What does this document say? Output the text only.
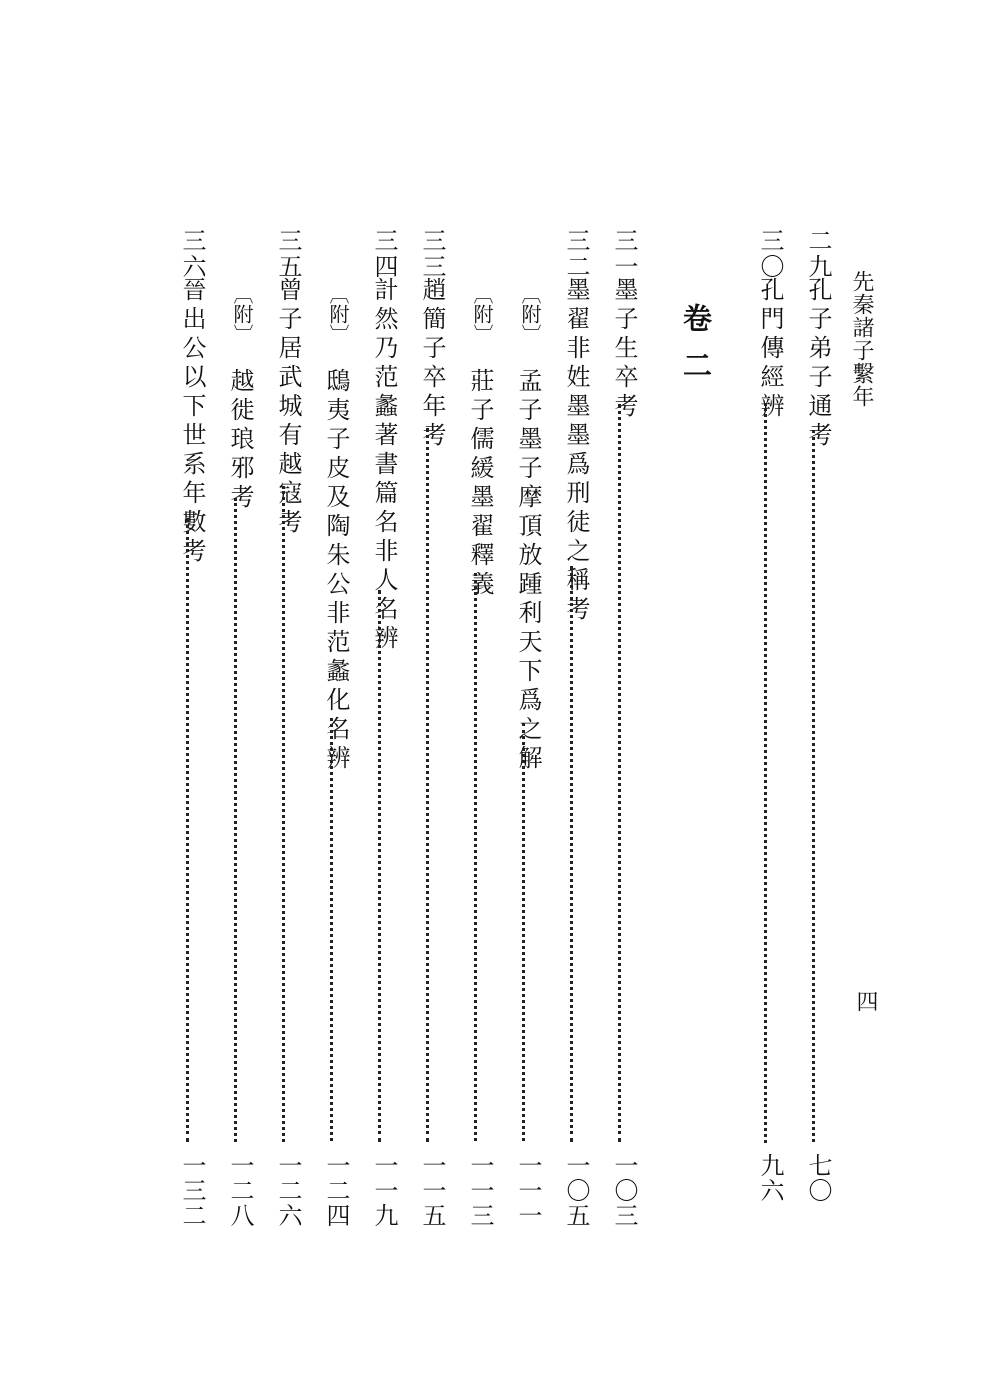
先秦諸子繫年
四
二九
孔子弟子通考
七〇
三〇
孔門傳經辨
九六
卷二
三一
墨子生卒考
一〇三
三二
墨翟非姓墨墨爲刑徒之稱考
一〇五
〔附〕
孟子墨子摩頂放踵利天下爲之解
一一一
〔附〕
莊子儒緩墨翟釋義
一一三
三三
趙簡子卒年考
一一五
三四
計然乃范蠡著書篇名非人名辨
一一九
〔附〕
鴟夷子皮及陶朱公非范蠡化名辨
一二四
三五
曾子居武城有越寇考
一二六
〔附〕
越徙琅邪考
一二八
三六
晉出公以下世系年數考
一三二
